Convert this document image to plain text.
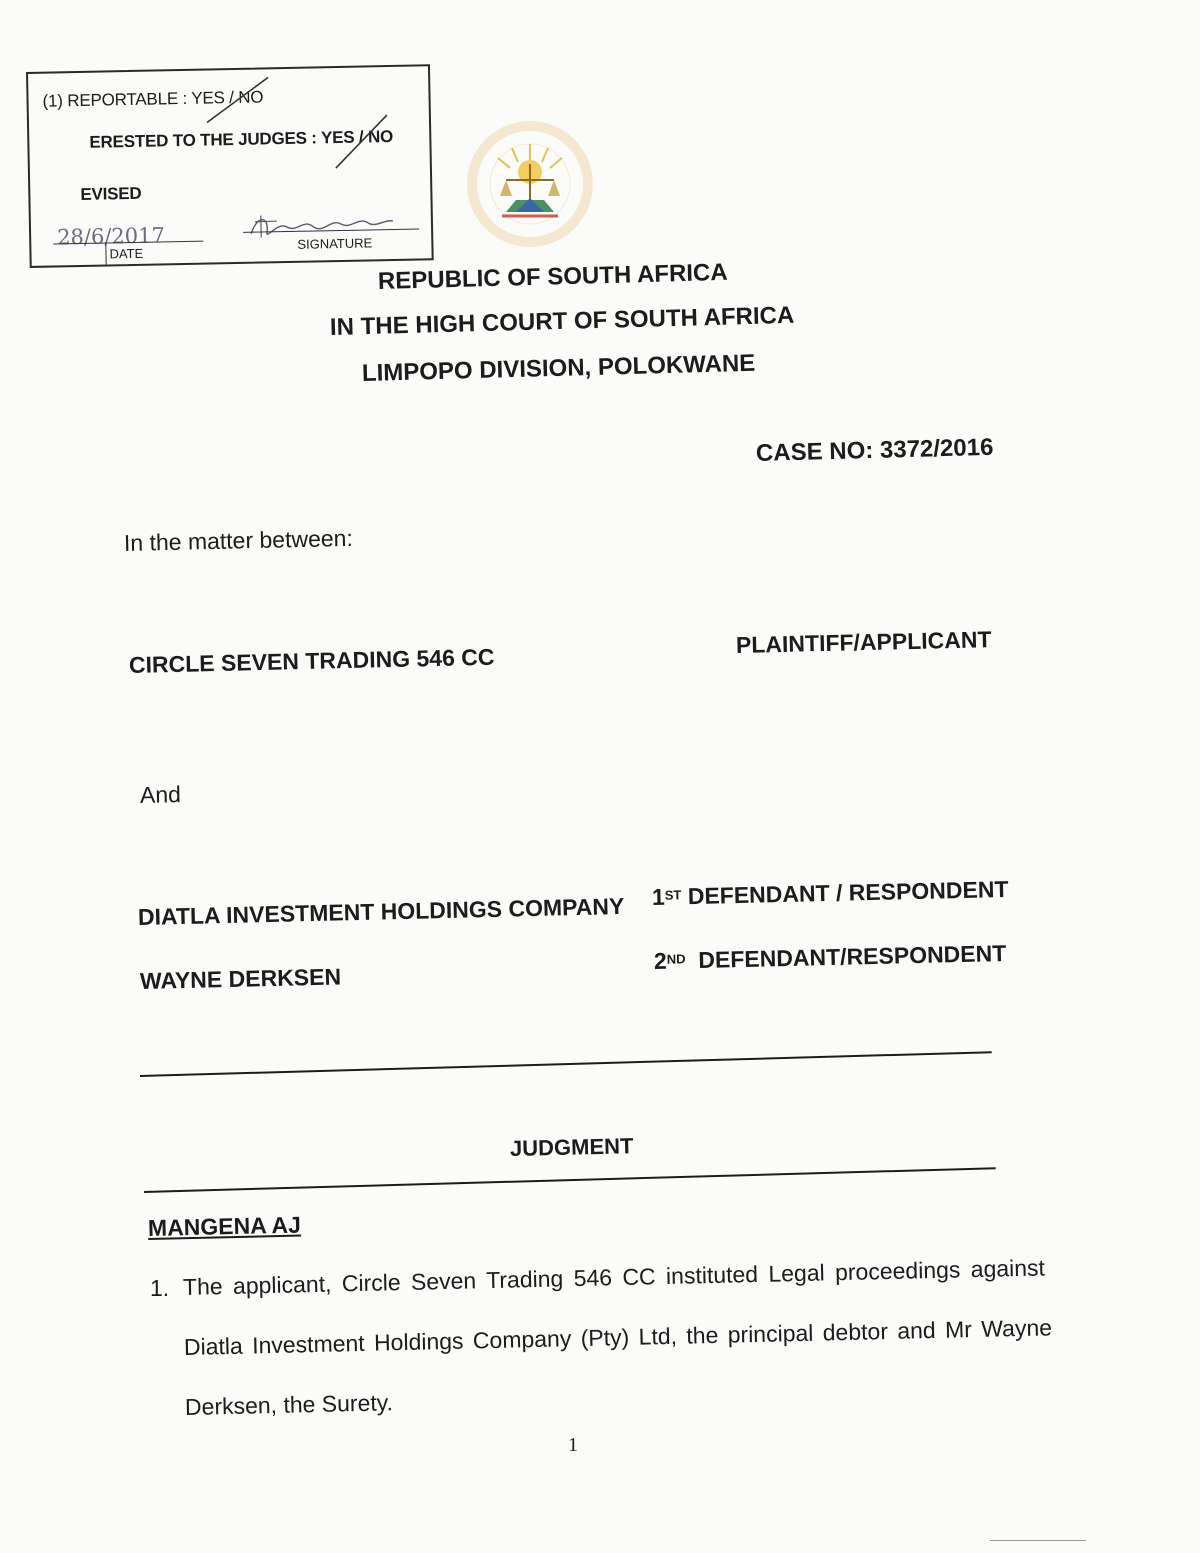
(1) REPORTABLE : YES / NO
ERESTED TO THE JUDGES : YES / NO
EVISED
28/6/2017
DATE
SIGNATURE
REPUBLIC OF SOUTH AFRICA
IN THE HIGH COURT OF SOUTH AFRICA
LIMPOPO DIVISION, POLOKWANE
CASE NO: 3372/2016
In the matter between:
CIRCLE SEVEN TRADING 546 CC
PLAINTIFF/APPLICANT
And
DIATLA INVESTMENT HOLDINGS COMPANY 1ST DEFENDANT / RESPONDENT
WAYNE DERKSEN
2ND DEFENDANT/RESPONDENT
JUDGMENT
MANGENA AJ
1. The applicant, Circle Seven Trading 546 CC instituted Legal proceedings against
Diatla Investment Holdings Company (Pty) Ltd, the principal debtor and Mr Wayne
Derksen, the Surety.
1
